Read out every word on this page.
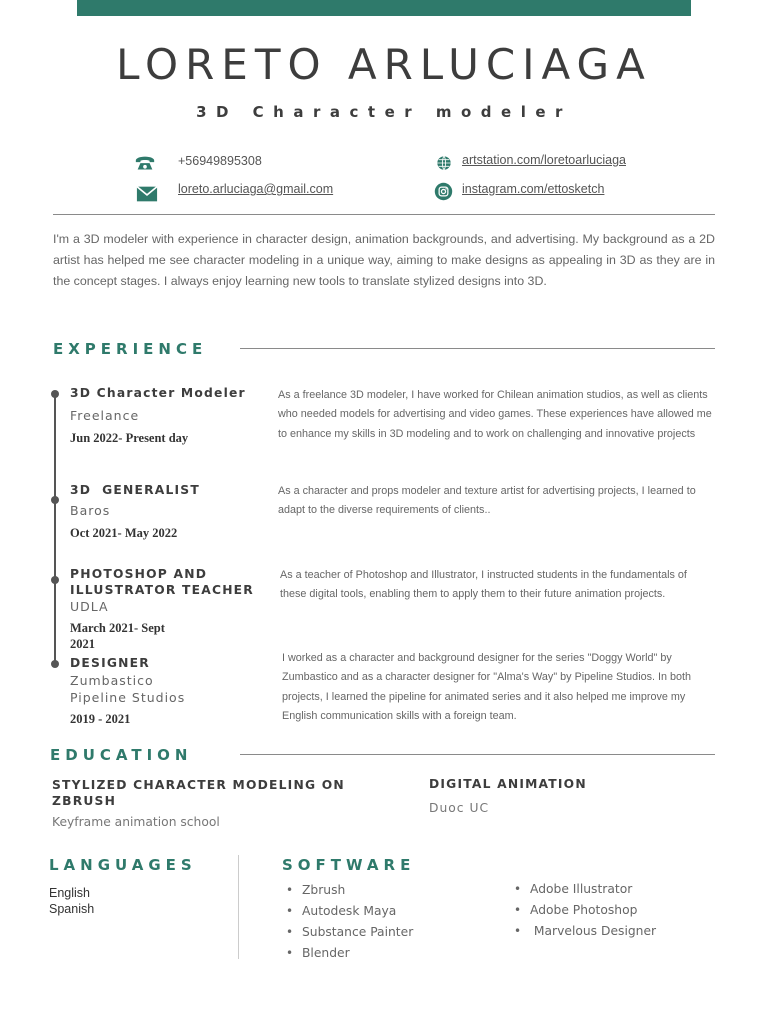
LORETO ARLUCIAGA
3D Character modeler
+56949895308
loreto.arluciaga@gmail.com
artstation.com/loretoarluciaga
instagram.com/ettosketch
I'm a 3D modeler with experience in character design, animation backgrounds, and advertising. My background as a 2D artist has helped me see character modeling in a unique way, aiming to make designs as appealing in 3D as they are in the concept stages. I always enjoy learning new tools to translate stylized designs into 3D.
EXPERIENCE
3D Character Modeler
Freelance
Jun 2022- Present day
As a freelance 3D modeler, I have worked for Chilean animation studios, as well as clients who needed models for advertising and video games. These experiences have allowed me to enhance my skills in 3D modeling and to work on challenging and innovative projects
3D  GENERALIST
Baros
Oct 2021- May 2022
As a character and props modeler and texture artist for advertising projects, I learned to adapt to the diverse requirements of clients..
PHOTOSHOP AND ILLUSTRATOR TEACHER
UDLA
March 2021- Sept 2021
As a teacher of Photoshop and Illustrator, I instructed students in the fundamentals of these digital tools, enabling them to apply them to their future animation projects.
DESIGNER
Zumbastico Pipeline Studios
2019 - 2021
I worked as a character and background designer for the series "Doggy World" by Zumbastico and as a character designer for "Alma's Way" by Pipeline Studios. In both projects, I learned the pipeline for animated series and it also helped me improve my English communication skills with a foreign team.
EDUCATION
STYLIZED CHARACTER MODELING ON ZBRUSH
Keyframe animation school
DIGITAL ANIMATION
Duoc UC
LANGUAGES
English
Spanish
SOFTWARE
• Zbrush
• Autodesk Maya
• Substance Painter
• Blender
• Adobe Illustrator
• Adobe Photoshop
•  Marvelous Designer
